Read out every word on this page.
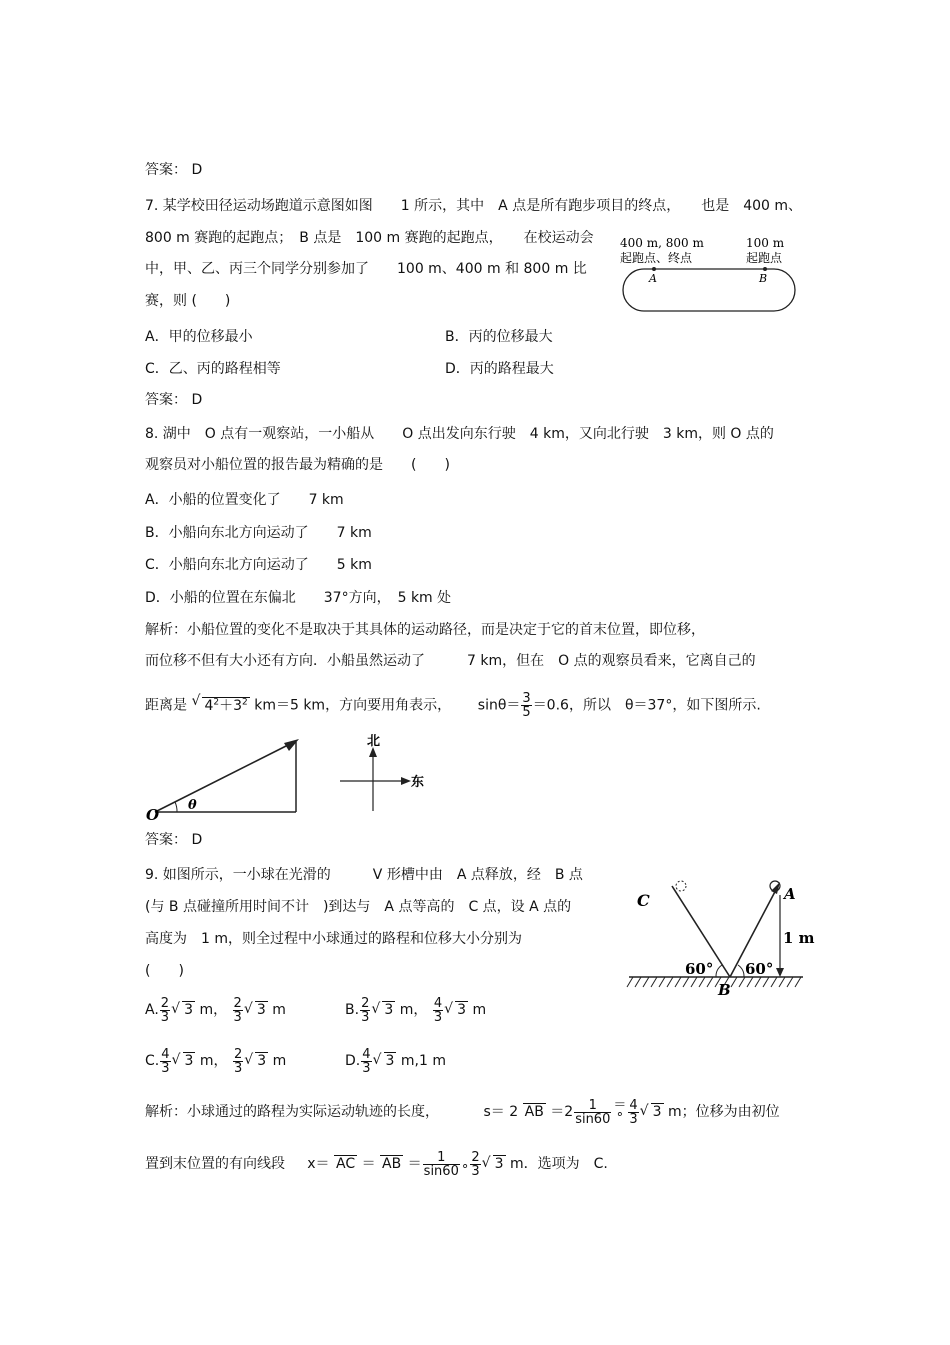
答案： D
7. 某学校田径运动场跑道示意图如图　　1 所示，其中　A 点是所有跑步项目的终点，　　也是　400 m、
800 m 赛跑的起跑点；　B 点是　100 m 赛跑的起跑点，　　在校运动会
中，甲、乙、丙三个同学分别参加了　　100 m、400 m 和 800 m 比
赛，则 (　　)
400 m, 800 m
起跑点、终点
100 m
起跑点
A	B
A．甲的位移最小	B．丙的位移最大
C．乙、丙的路程相等	D．丙的路程最大
答案： D
8. 湖中　O 点有一观察站，一小船从　　O 点出发向东行驶　4 km，又向北行驶　3 km，则 O 点的
观察员对小船位置的报告最为精确的是　　(　　)
A．小船的位置变化了　　7 km
B．小船向东北方向运动了　　7 km
C．小船向东北方向运动了　　5 km
D．小船的位置在东偏北　　37°方向，　5 km 处
解析：小船位置的变化不是取决于其具体的运动路径，而是决定于它的首末位置，即位移，
而位移不但有大小还有方向．小船虽然运动了　　　7 km，但在　O 点的观察员看来，它离自己的
距离是 √ $4^2+3^2$ km＝5 km，方向要用角表示， $\sin\theta= \frac{3}{5} =0.6$，所以　θ＝37°，如下图所示.
O
θ
北
东
答案： D
9. 如图所示，一小球在光滑的　　　V 形槽中由　A 点释放，经　B 点
(与 B 点碰撞所用时间不计　)到达与　A 点等高的　C 点，设 A 点的
高度为　1 m，则全过程中小球通过的路程和位移大小分别为
(　　)
C	A
B
1 m
60° 60°
A. $\frac{2}{3}$ √ 3 m， $\frac{2}{3}$ √ 3 m	B. $\frac{2}{3}$ √ 3 m， $\frac{4}{3}$ √ 3 m
C. $\frac{4}{3}$ √ 3 m， $\frac{2}{3}$ √ 3 m	D. $\frac{4}{3}$ √ 3 m,1 m
解析：小球通过的路程为实际运动轨迹的长度，	s＝ 2 AB $=2 \frac{1}{\sin 60}$ ＝
° $\frac{4}{3}$ √ 3 m；位移为由初位
置到末位置的有向线段 x＝ AC ＝ AB ＝ $\frac{1}{\sin 60}$
° $\frac{2}{3}$ √ 3 m．选项为　C.
